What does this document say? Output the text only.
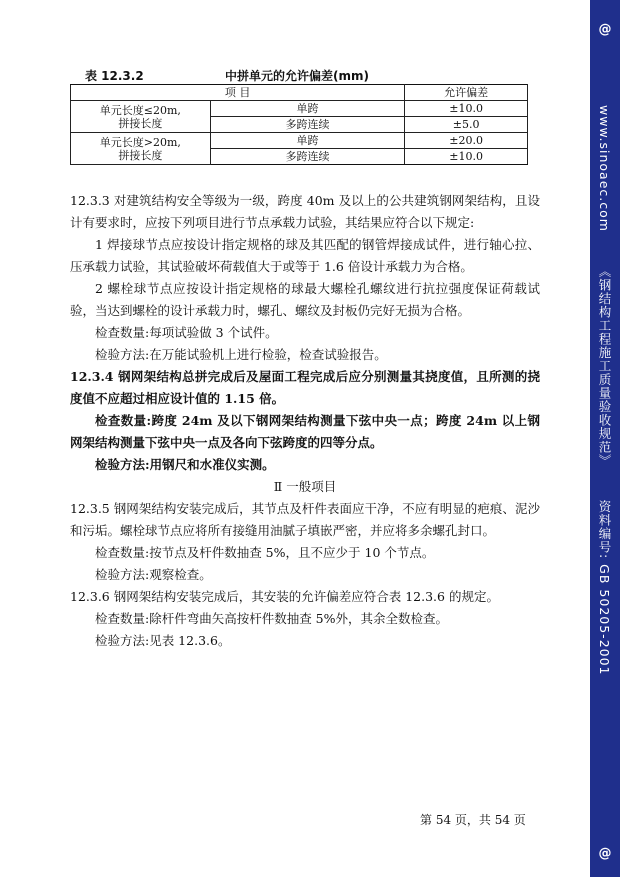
表 12.3.2	中拼单元的允许偏差(mm)
项 目		允许偏差
单元长度≤20m,
拼接长度	单跨	±10.0
	多跨连续	±5.0
单元长度>20m,
拼接长度	单跨	±20.0
	多跨连续	±10.0

12.3.3 对建筑结构安全等级为一级，跨度 40m 及以上的公共建筑钢网架结构，且设计有要求时，应按下列项目进行节点承载力试验，其结果应符合以下规定:

1 焊接球节点应按设计指定规格的球及其匹配的钢管焊接成试件，进行轴心拉、压承载力试验，其试验破坏荷载值大于或等于 1.6 倍设计承载力为合格。

2 螺栓球节点应按设计指定规格的球最大螺栓孔螺纹进行抗拉强度保证荷载试验，当达到螺栓的设计承载力时，螺孔、螺纹及封板仍完好无损为合格。

检查数量:每项试验做 3 个试件。

检验方法:在万能试验机上进行检验，检查试验报告。

12.3.4 钢网架结构总拼完成后及屋面工程完成后应分别测量其挠度值，且所测的挠度值不应超过相应设计值的 1.15 倍。

检查数量:跨度 24m 及以下钢网架结构测量下弦中央一点；跨度 24m 以上钢网架结构测量下弦中央一点及各向下弦跨度的四等分点。

检验方法:用钢尺和水准仪实测。

Ⅱ 一般项目

12.3.5 钢网架结构安装完成后，其节点及杆件表面应干净，不应有明显的疤痕、泥沙和污垢。螺栓球节点应将所有接缝用油腻子填嵌严密，并应将多余螺孔封口。

检查数量:按节点及杆件数抽查 5%，且不应少于 10 个节点。

检验方法:观察检查。

12.3.6 钢网架结构安装完成后，其安装的允许偏差应符合表 12.3.6 的规定。

检查数量:除杆件弯曲矢高按杆件数抽查 5%外，其余全数检查。

检验方法:见表 12.3.6。

第 54 页，共 54 页
@
www.sinoaec.com 《钢结构工程施工质量验收规范》 资料编号: GB 50205-2001
@
